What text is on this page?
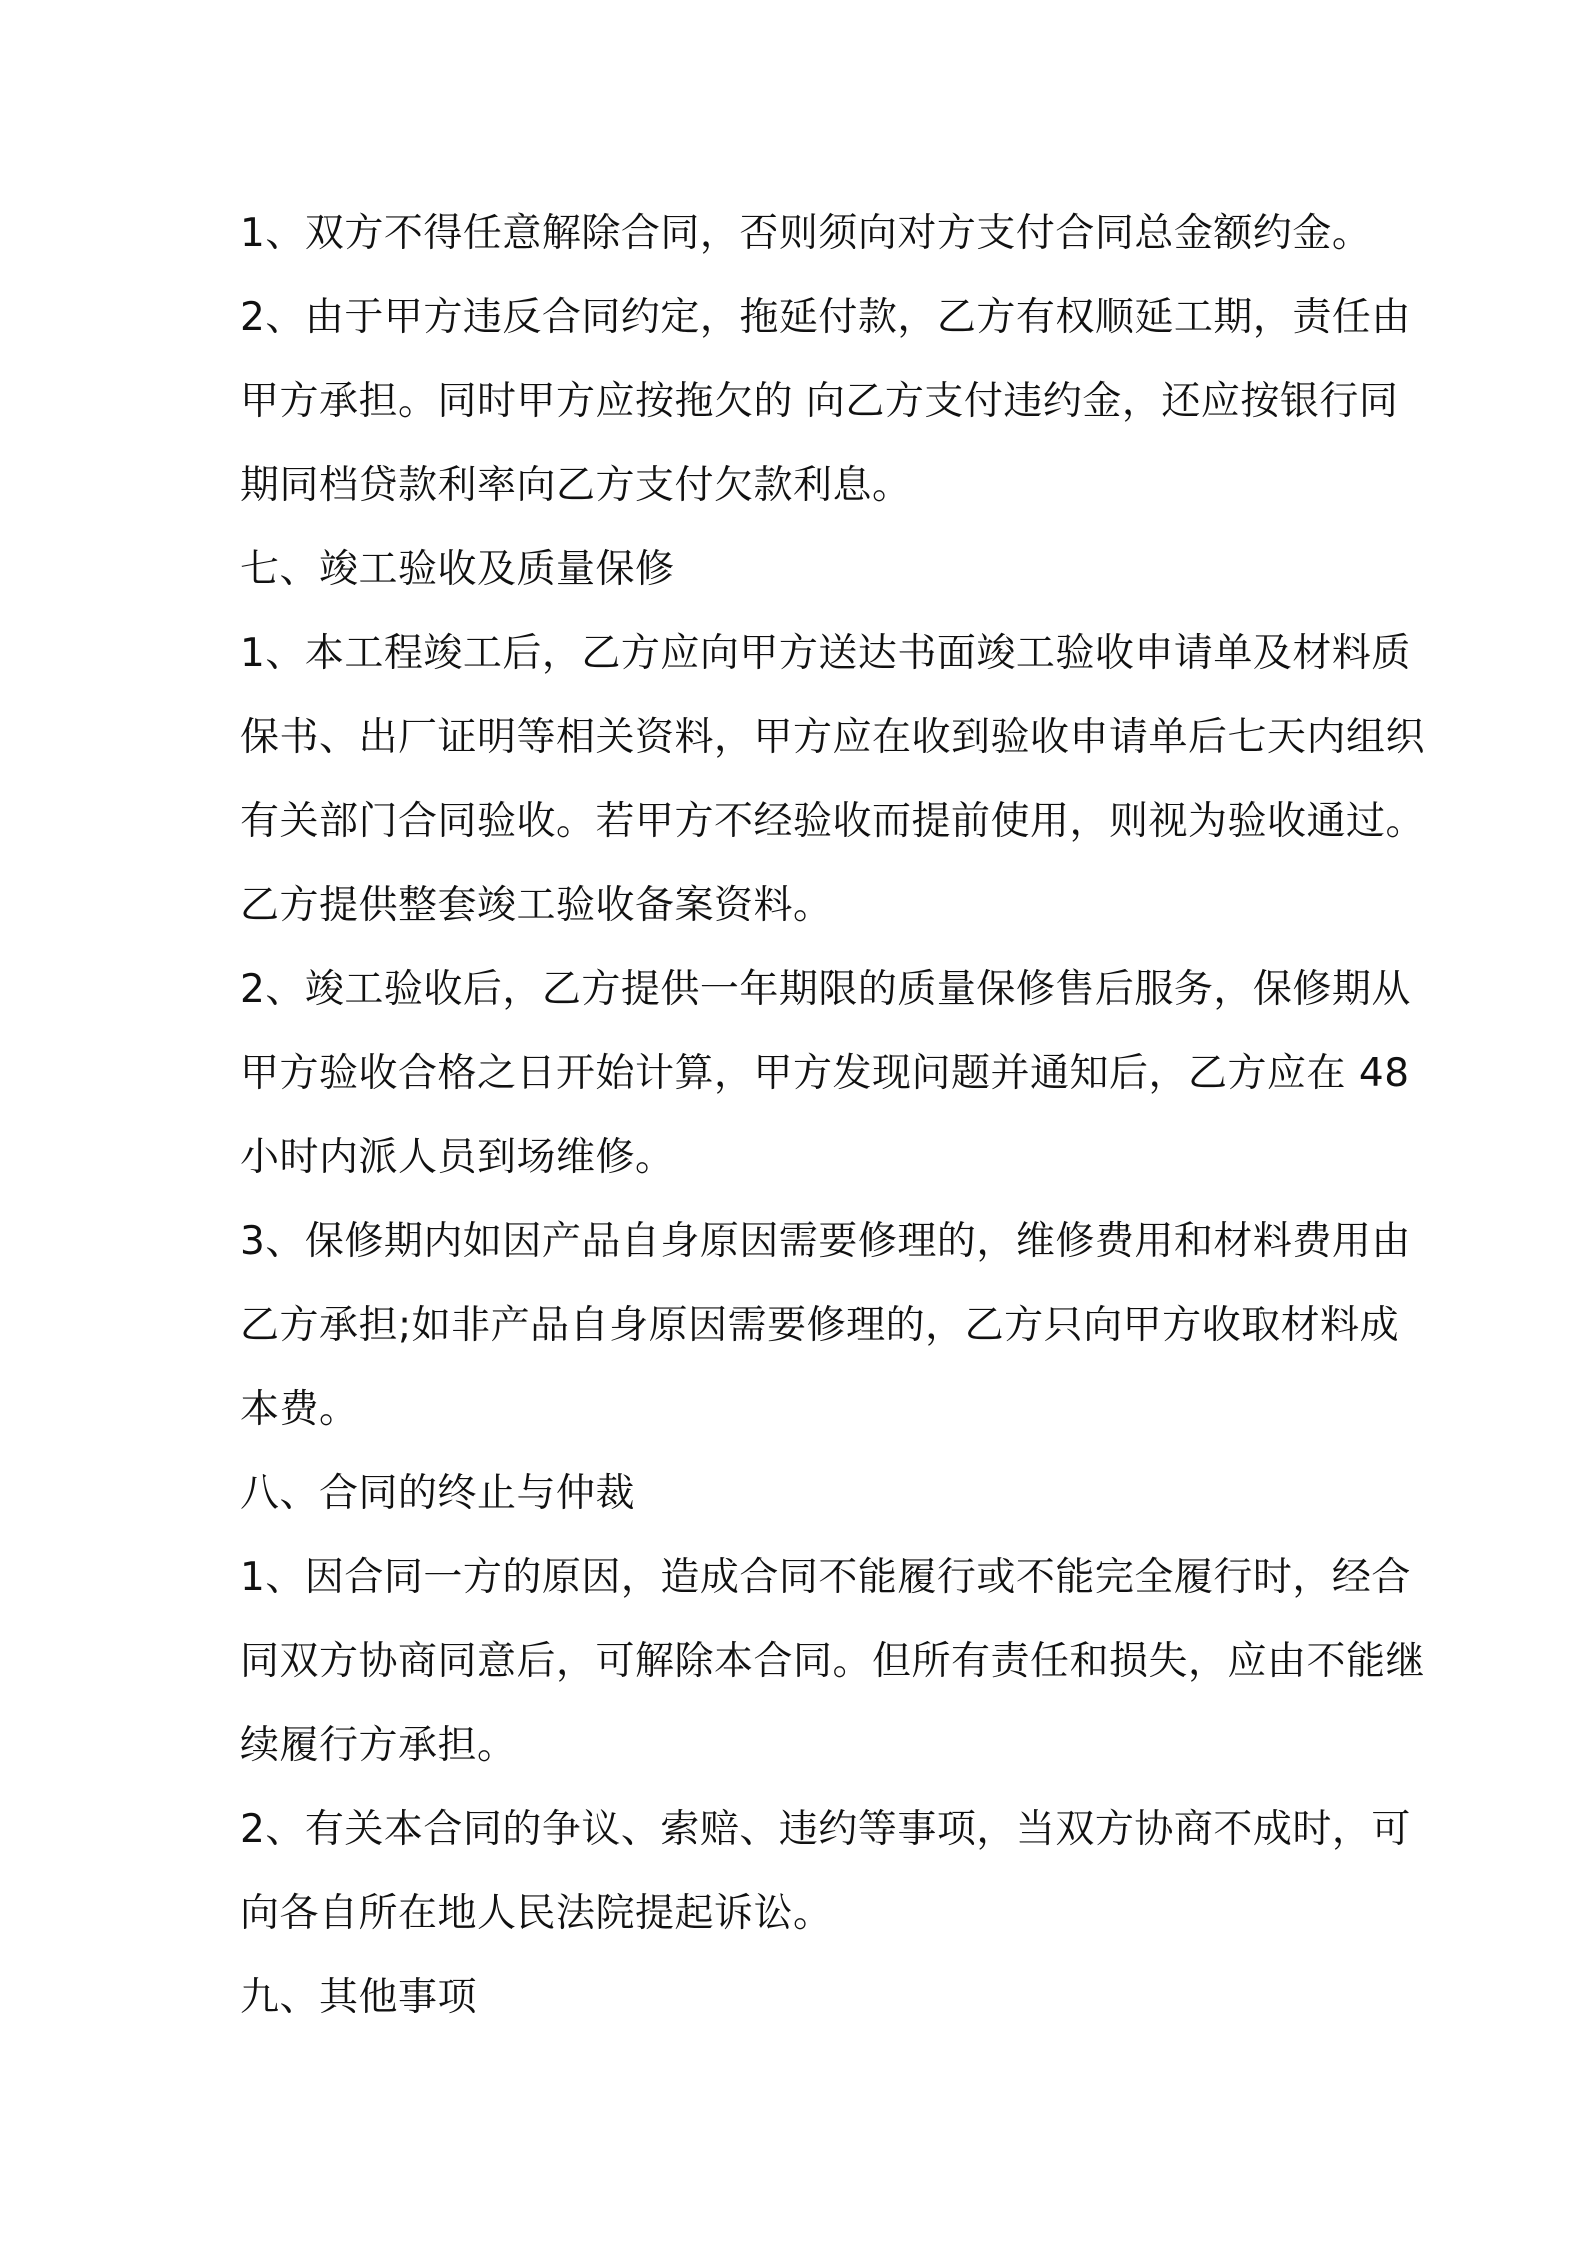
1、双方不得任意解除合同，否则须向对方支付合同总金额约金。
2、由于甲方违反合同约定，拖延付款，乙方有权顺延工期，责任由
甲方承担。同时甲方应按拖欠的 向乙方支付违约金，还应按银行同
期同档贷款利率向乙方支付欠款利息。
七、竣工验收及质量保修
1、本工程竣工后，乙方应向甲方送达书面竣工验收申请单及材料质
保书、出厂证明等相关资料，甲方应在收到验收申请单后七天内组织
有关部门合同验收。若甲方不经验收而提前使用，则视为验收通过。
乙方提供整套竣工验收备案资料。
2、竣工验收后，乙方提供一年期限的质量保修售后服务，保修期从
甲方验收合格之日开始计算，甲方发现问题并通知后，乙方应在 48
小时内派人员到场维修。
3、保修期内如因产品自身原因需要修理的，维修费用和材料费用由
乙方承担;如非产品自身原因需要修理的，乙方只向甲方收取材料成
本费。
八、合同的终止与仲裁
1、因合同一方的原因，造成合同不能履行或不能完全履行时，经合
同双方协商同意后，可解除本合同。但所有责任和损失，应由不能继
续履行方承担。
2、有关本合同的争议、索赔、违约等事项，当双方协商不成时，可
向各自所在地人民法院提起诉讼。
九、其他事项
